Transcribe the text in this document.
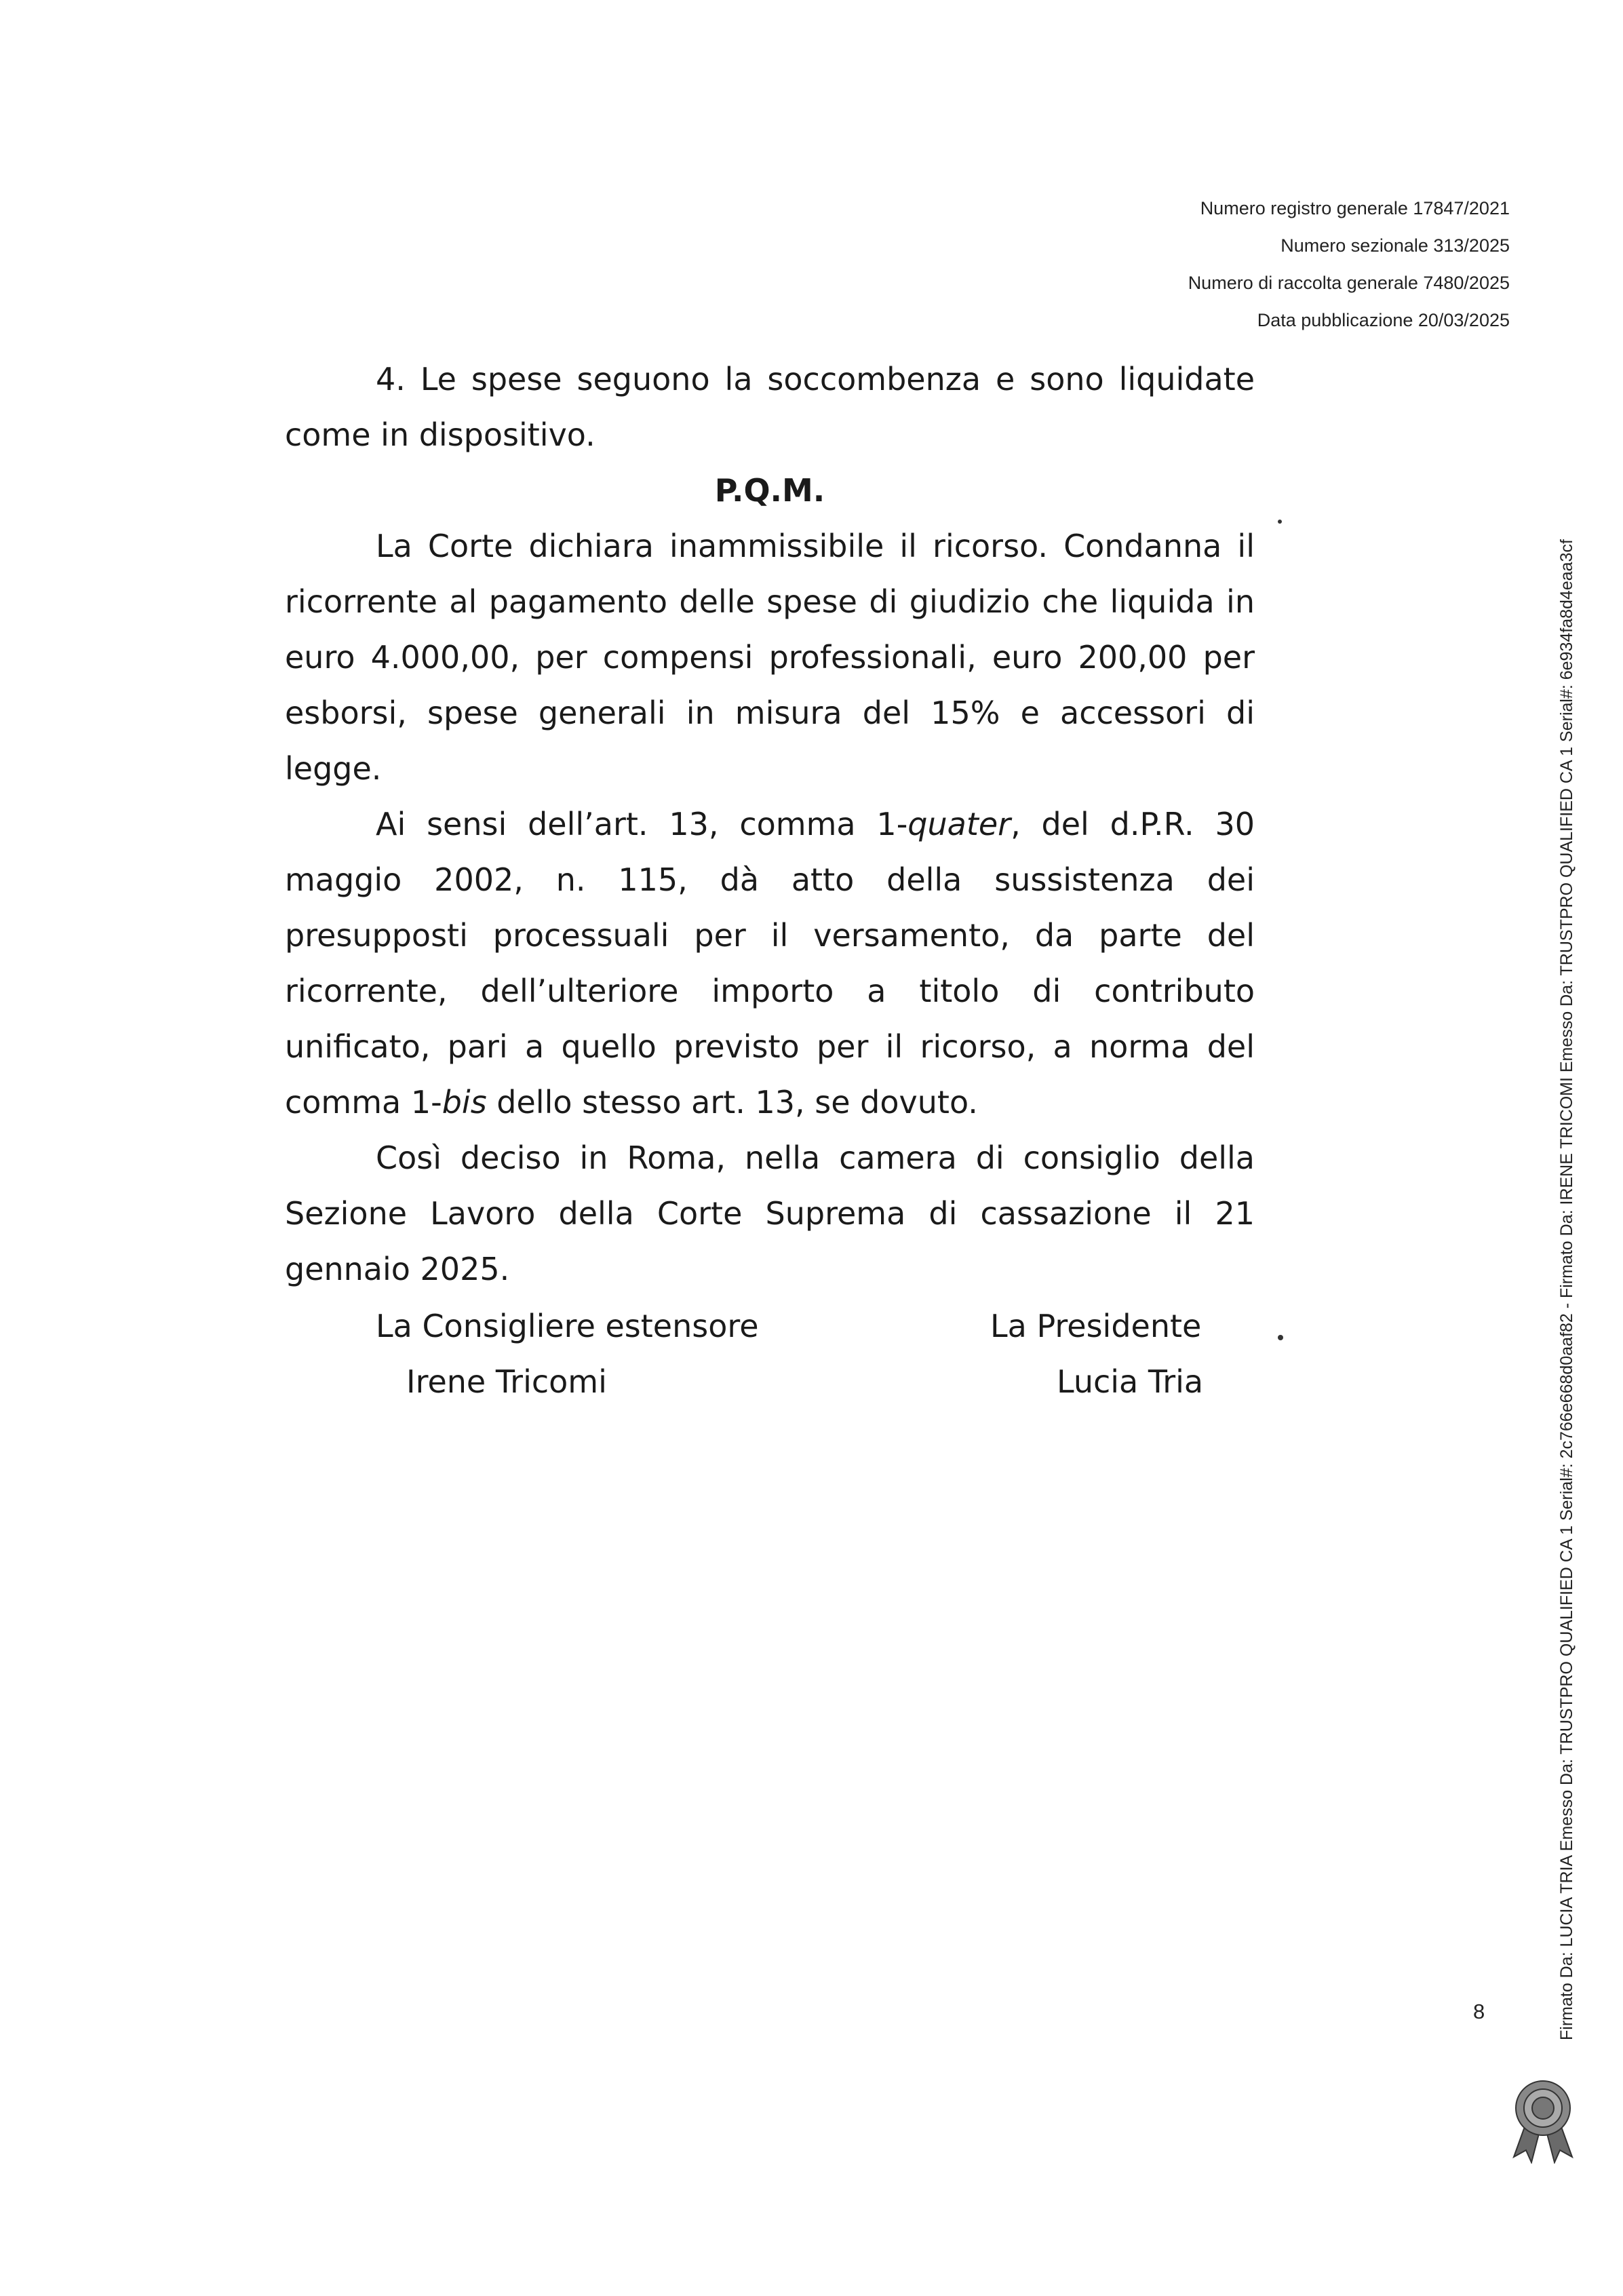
Numero registro generale 17847/2021
Numero sezionale 313/2025
Numero di raccolta generale 7480/2025
Data pubblicazione 20/03/2025

4. Le spese seguono la soccombenza e sono liquidate come in dispositivo.

P.Q.M.

La Corte dichiara inammissibile il ricorso. Condanna il ricorrente al pagamento delle spese di giudizio che liquida in euro 4.000,00, per compensi professionali, euro 200,00 per esborsi, spese generali in misura del 15% e accessori di legge.

Ai sensi dell’art. 13, comma 1-quater, del d.P.R. 30 maggio 2002, n. 115, dà atto della sussistenza dei presupposti processuali per il versamento, da parte del ricorrente, dell’ulteriore importo a titolo di contributo unificato, pari a quello previsto per il ricorso, a norma del comma 1-bis dello stesso art. 13, se dovuto.

Così deciso in Roma, nella camera di consiglio della Sezione Lavoro della Corte Suprema di cassazione il 21 gennaio 2025.

La Consigliere estensore
Irene Tricomi
La Presidente
Lucia Tria
8	Firmato Da: LUCIA TRIA Emesso Da: TRUSTPRO QUALIFIED CA 1 Serial#: 2c766e668d0aaf82 - Firmato Da: IRENE TRICOMI Emesso Da: TRUSTPRO QUALIFIED CA 1 Serial#: 6e934fa8d4eaa3cf
